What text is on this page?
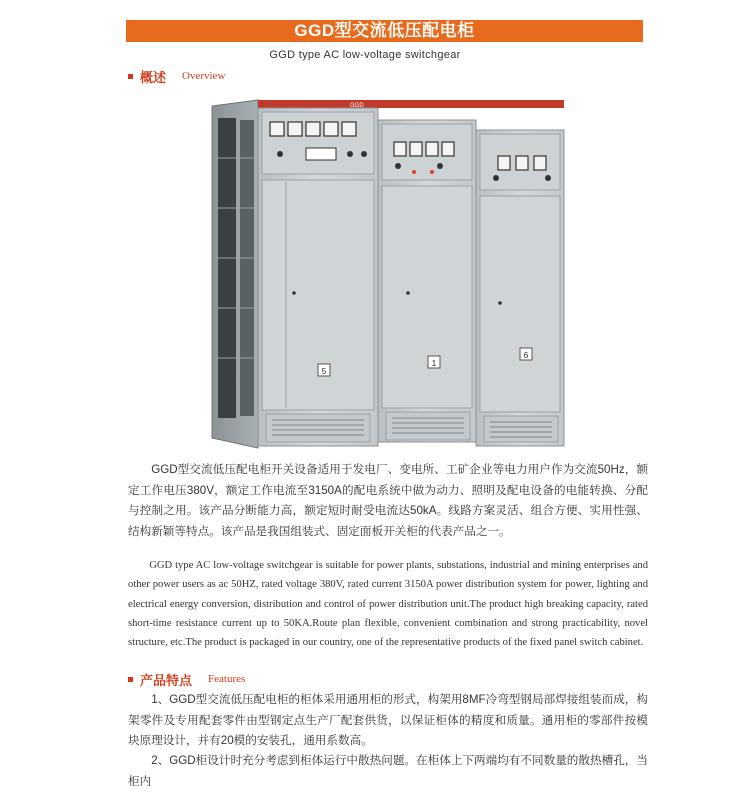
GGD型交流低压配电柜
GGD type AC low-voltage switchgear
概述 Overview
GGD
GGD
GGD
5
1
6
GGD型交流低压配电柜开关设备适用于发电厂、变电所、工矿企业等电力用户作为交流50Hz，额定工作电压380V，额定工作电流至3150A的配电系统中做为动力、照明及配电设备的电能转换、分配与控制之用。该产品分断能力高，额定短时耐受电流达50kA。线路方案灵活、组合方便、实用性强、结构新颖等特点。该产品是我国组装式、固定面板开关柜的代表产品之一。
GGD type AC low-voltage switchgear is suitable for power plants, substations, industrial and mining enterprises and other power users as ac 50HZ, rated voltage 380V, rated current 3150A power distribution system for power, lighting and electrical energy conversion, distribution and control of power distribution unit.The product high breaking capacity, rated short-time resistance current up to 50KA.Route plan flexible, convenient combination and strong practicability, novel structure, etc.The product is packaged in our country, one of the representative products of the fixed panel switch cabinet.
产品特点 Features
1、GGD型交流低压配电柜的柜体采用通用柜的形式，构架用8MF冷弯型钢局部焊接组装而成，构架零件及专用配套零件由型钢定点生产厂配套供货，以保证柜体的精度和质量。通用柜的零部件按模块原理设计，并有20模的安装孔，通用系数高。
2、GGD柜设计时充分考虑到柜体运行中散热问题。在柜体上下两端均有不同数量的散热槽孔，当柜内
